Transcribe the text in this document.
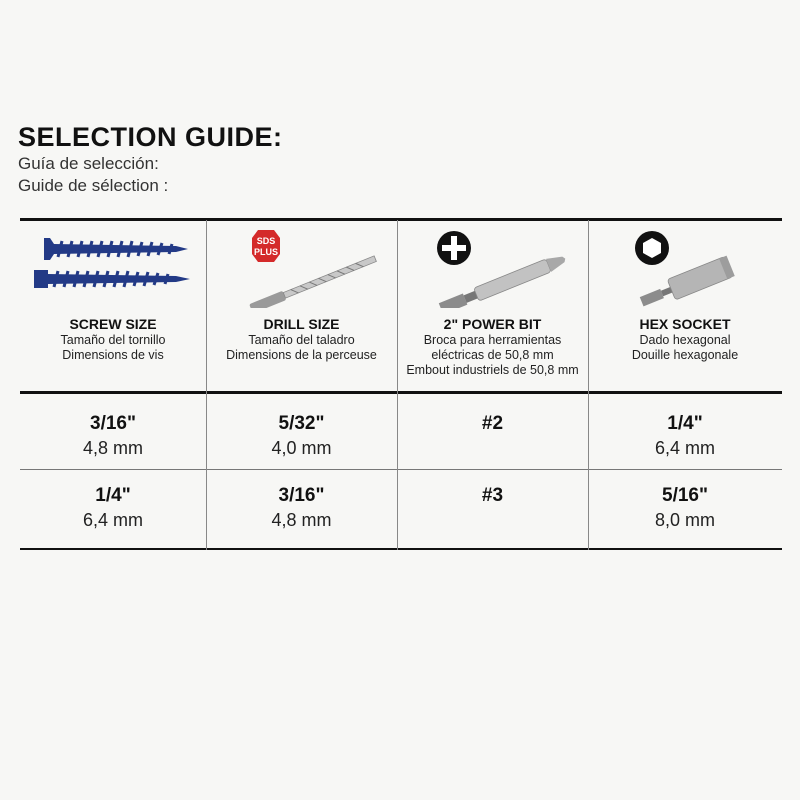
SELECTION GUIDE:
Guía de selección:
Guide de sélection :
SDS
PLUS
SCREW SIZE
Tamaño del tornillo
Dimensions de vis
DRILL SIZE
Tamaño del taladro
Dimensions de la perceuse
2" POWER BIT
Broca para herramientas
eléctricas de 50,8 mm
Embout industriels de 50,8 mm
HEX SOCKET
Dado hexagonal
Douille hexagonale
3/16"
4,8 mm
5/32"
4,0 mm
#2	1/4"
6,4 mm
1/4"
6,4 mm
3/16"
4,8 mm
#3	5/16"
8,0 mm
